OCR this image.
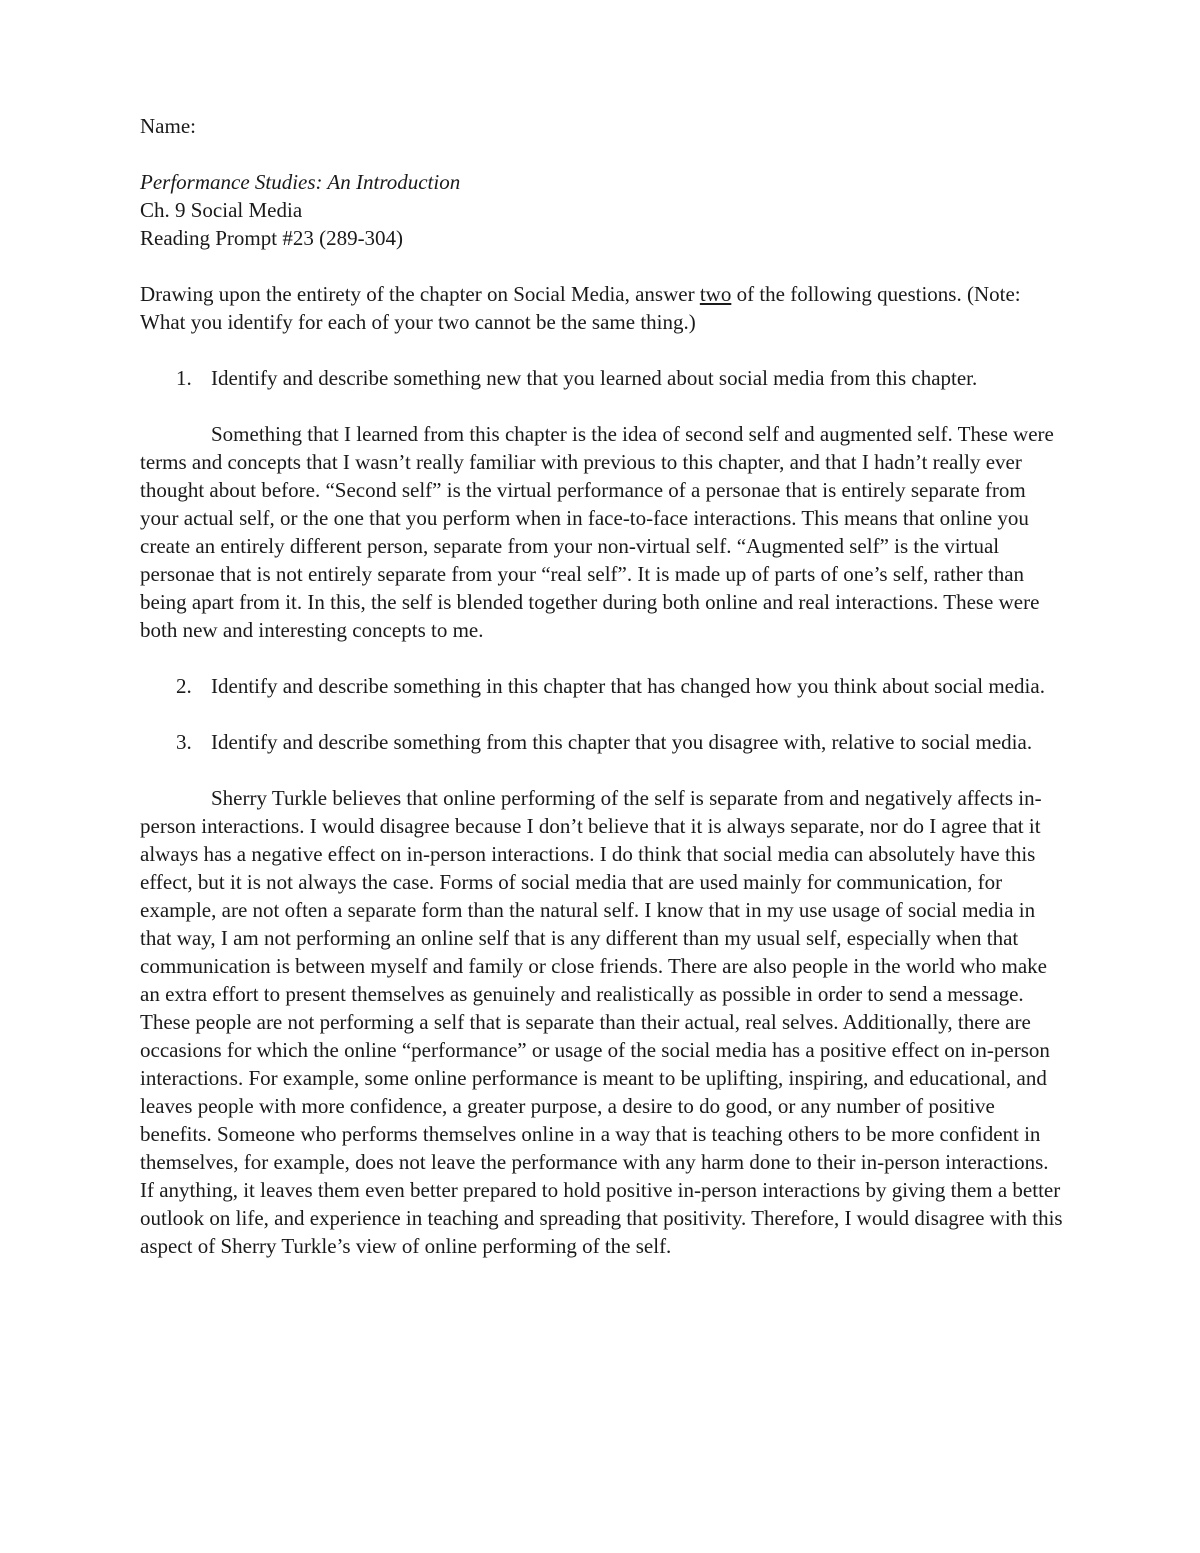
Name:

Performance Studies: An Introduction

Ch. 9 Social Media

Reading Prompt #23 (289-304)

Drawing upon the entirety of the chapter on Social Media, answer two of the following questions. (Note: What you identify for each of your two cannot be the same thing.)

1. Identify and describe something new that you learned about social media from this chapter.

Something that I learned from this chapter is the idea of second self and augmented self. These were terms and concepts that I wasn’t really familiar with previous to this chapter, and that I hadn’t really ever thought about before. “Second self” is the virtual performance of a personae that is entirely separate from your actual self, or the one that you perform when in face-to-face interactions. This means that online you create an entirely different person, separate from your non-virtual self. “Augmented self” is the virtual personae that is not entirely separate from your “real self”. It is made up of parts of one’s self, rather than being apart from it. In this, the self is blended together during both online and real interactions. These were both new and interesting concepts to me.

2. Identify and describe something in this chapter that has changed how you think about social media.
3. Identify and describe something from this chapter that you disagree with, relative to social media.

Sherry Turkle believes that online performing of the self is separate from and negatively affects in-person interactions. I would disagree because I don’t believe that it is always separate, nor do I agree that it always has a negative effect on in-person interactions. I do think that social media can absolutely have this effect, but it is not always the case. Forms of social media that are used mainly for communication, for example, are not often a separate form than the natural self. I know that in my use usage of social media in that way, I am not performing an online self that is any different than my usual self, especially when that communication is between myself and family or close friends. There are also people in the world who make an extra effort to present themselves as genuinely and realistically as possible in order to send a message. These people are not performing a self that is separate than their actual, real selves. Additionally, there are occasions for which the online “performance” or usage of the social media has a positive effect on in-person interactions. For example, some online performance is meant to be uplifting, inspiring, and educational, and leaves people with more confidence, a greater purpose, a desire to do good, or any number of positive benefits. Someone who performs themselves online in a way that is teaching others to be more confident in themselves, for example, does not leave the performance with any harm done to their in-person interactions. If anything, it leaves them even better prepared to hold positive in-person interactions by giving them a better outlook on life, and experience in teaching and spreading that positivity. Therefore, I would disagree with this aspect of Sherry Turkle’s view of online performing of the self.
